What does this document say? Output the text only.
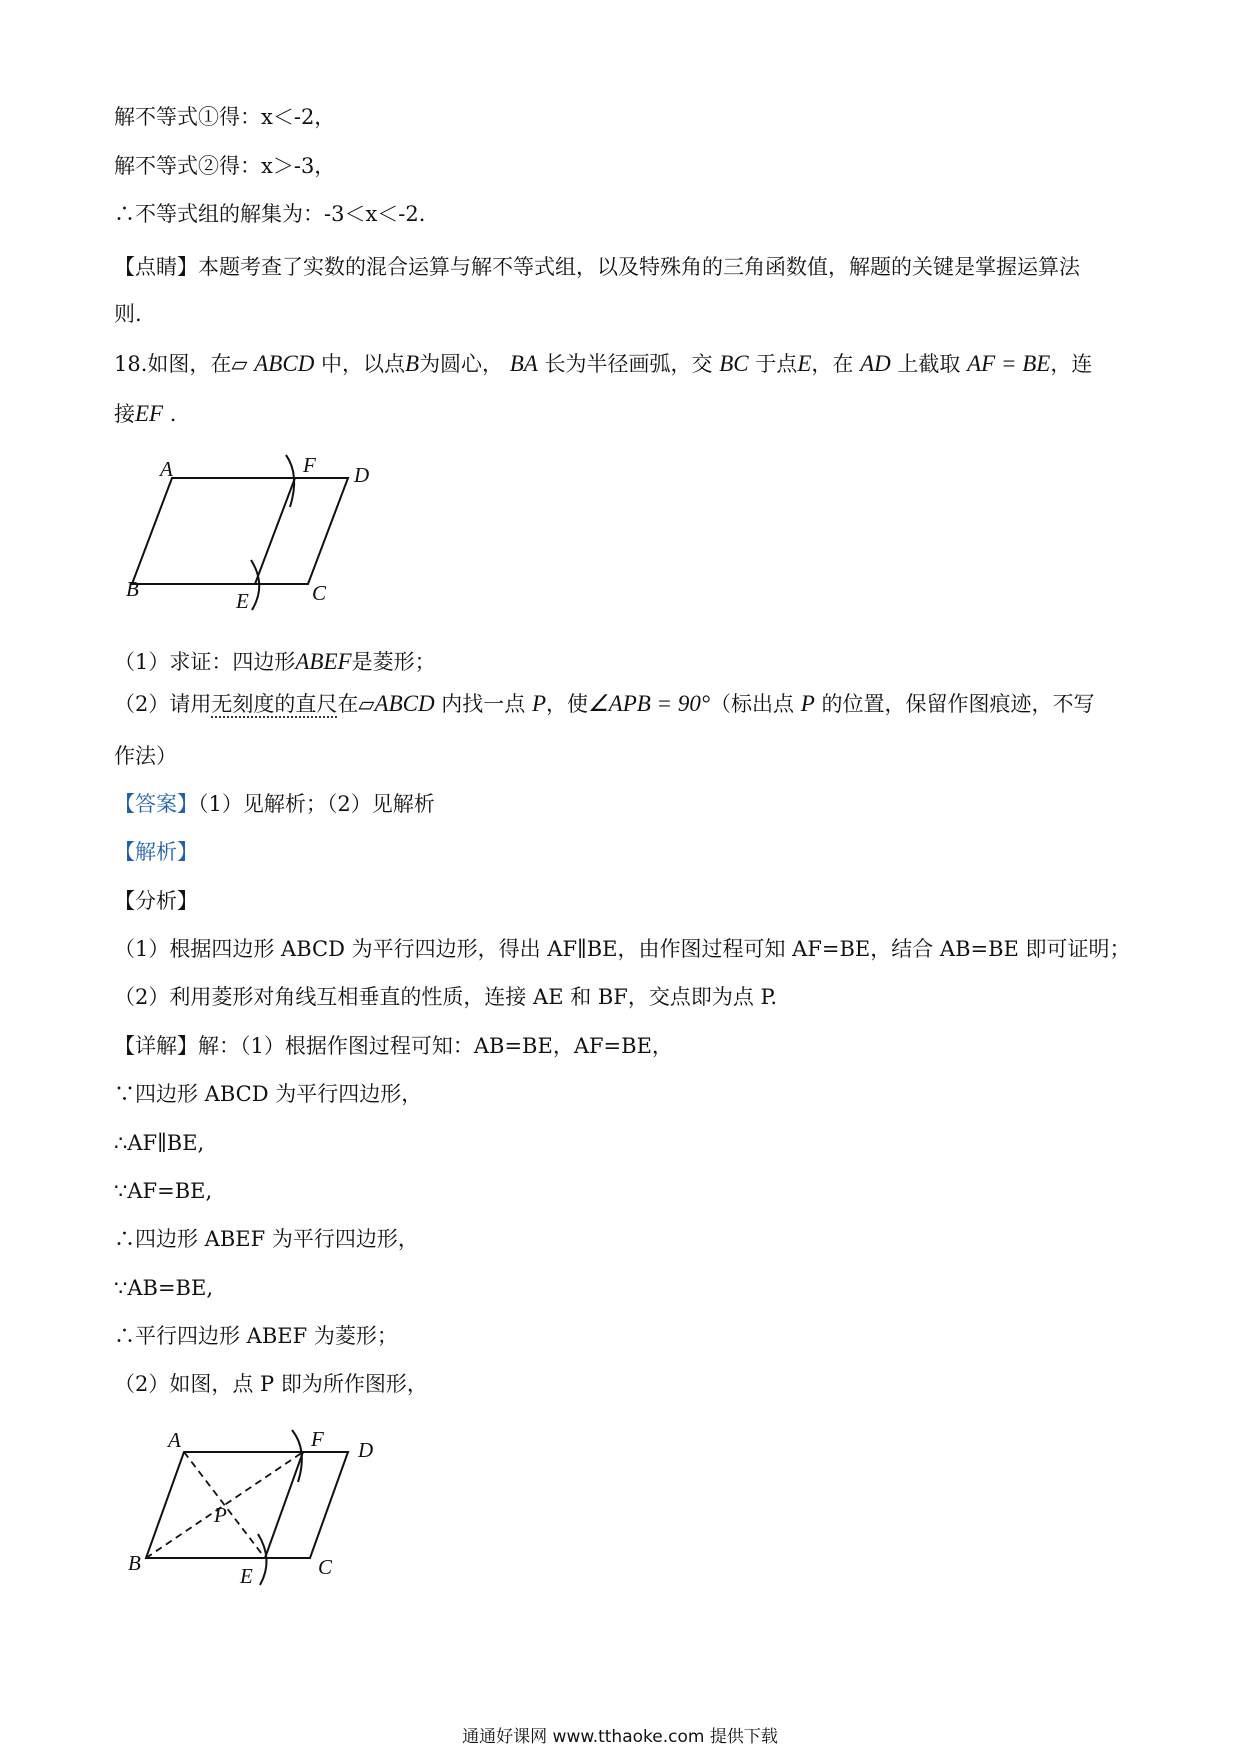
解不等式①得：x＜-2，
解不等式②得：x＞-3，
∴不等式组的解集为：-3＜x＜-2.
【点睛】本题考查了实数的混合运算与解不等式组，以及特殊角的三角函数值，解题的关键是掌握运算法
则.
18.如图，在▱ ABCD 中，以点B为圆心， BA 长为半径画弧，交 BC 于点E，在 AD 上截取 AF = BE，连
接EF .
A	F D
B	E	C
（1）求证：四边形ABEF是菱形；
（2）请用无刻度的直尺在▱ABCD 内找一点 P，使∠APB = 90°（标出点 P 的位置，保留作图痕迹，不写
作法）
【答案】（1）见解析；（2）见解析
【解析】
【分析】
（1）根据四边形 ABCD 为平行四边形，得出 AF∥BE，由作图过程可知 AF=BE，结合 AB=BE 即可证明；
（2）利用菱形对角线互相垂直的性质，连接 AE 和 BF，交点即为点 P.
【详解】解：（1）根据作图过程可知：AB=BE，AF=BE，
∵四边形 ABCD 为平行四边形，
∴AF∥BE,
∵AF=BE,
∴四边形 ABEF 为平行四边形，
∵AB=BE,
∴平行四边形 ABEF 为菱形；
（2）如图，点 P 即为所作图形，
A	F D
B
P
E	C
通通好课网 www.tthaoke.com 提供下载
